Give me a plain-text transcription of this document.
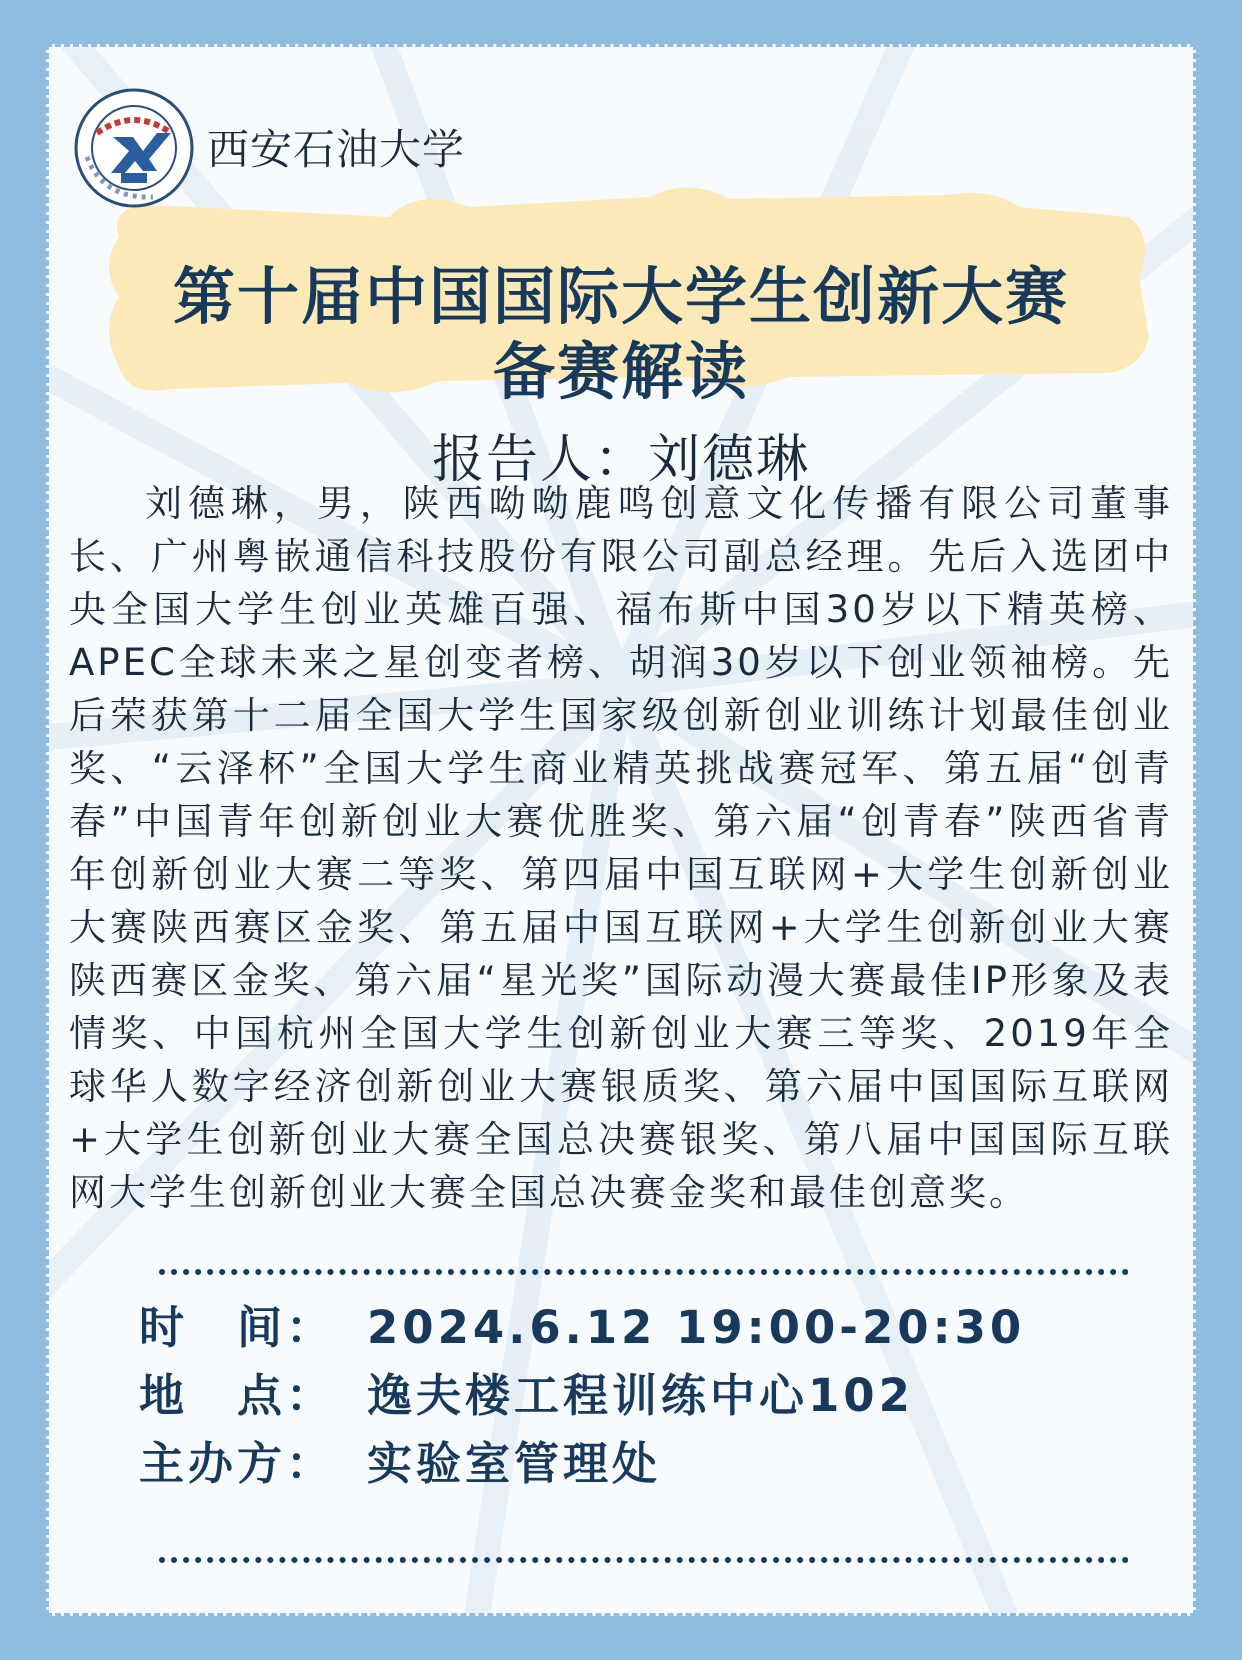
西安石油大学
第十届中国国际大学生创新大赛
备赛解读
报告人：刘德琳

刘德琳，男，陕西呦呦鹿鸣创意文化传播有限公司董事长、广州粤嵌通信科技股份有限公司副总经理。先后入选团中央全国大学生创业英雄百强、福布斯中国30岁以下精英榜、 APEC全球未来之星创变者榜、胡润30岁以下创业领袖榜。先后荣获第十二届全国大学生国家级创新创业训练计划最佳创业奖、“云泽杯”全国大学生商业精英挑战赛冠军、第五届“创青春”中国青年创新创业大赛优胜奖、第六届“创青春”陕西省青年创新创业大赛二等奖、第四届中国互联网+大学生创新创业大赛陕西赛区金奖、第五届中国互联网+大学生创新创业大赛陕西赛区金奖、第六届“星光奖”国际动漫大赛最佳IP形象及表情奖、中国杭州全国大学生创新创业大赛三等奖、2019年全球华人数字经济创新创业大赛银质奖、第六届中国国际互联网+大学生创新创业大赛全国总决赛银奖、第八届中国国际互联网大学生创新创业大赛全国总决赛金奖和最佳创意奖。

时　间： 2024.6.12 19:00-20:30
地　点： 逸夫楼工程训练中心102
主办方： 实验室管理处
